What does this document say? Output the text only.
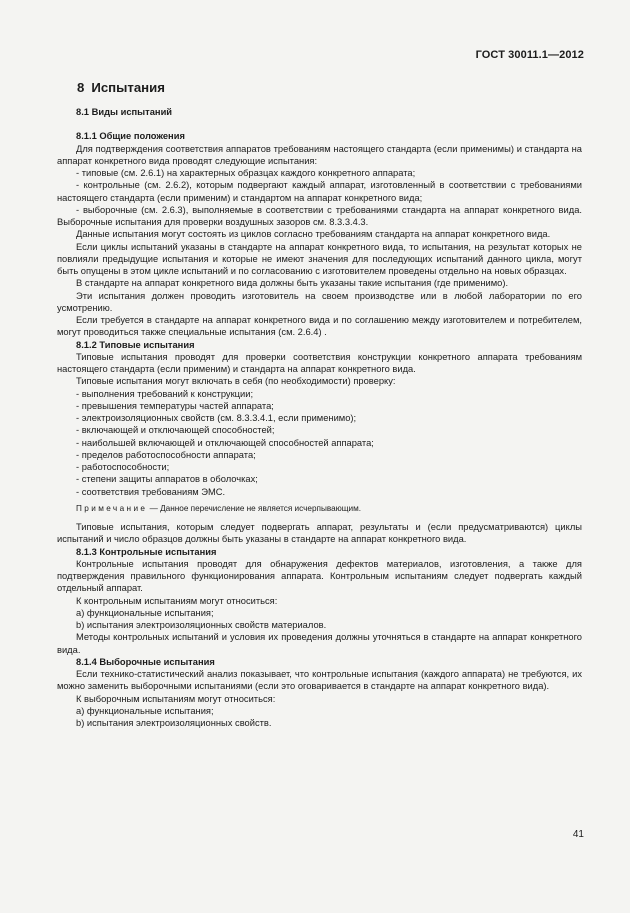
ГОСТ 30011.1—2012
8 Испытания

8.1 Виды испытаний

8.1.1 Общие положения

Для подтверждения соответствия аппаратов требованиям настоящего стандарта (если применимы) и стандарта на аппарат конкретного вида проводят следующие испытания:

- типовые (см. 2.6.1) на характерных образцах каждого конкретного аппарата;

- контрольные (см. 2.6.2), которым подвергают каждый аппарат, изготовленный в соответствии с требованиями настоящего стандарта (если применим) и стандартом на аппарат конкретного вида;

- выборочные (см. 2.6.3), выполняемые в соответствии с требованиями стандарта на аппарат конкретного вида. Выборочные испытания для проверки воздушных зазоров см. 8.3.3.4.3.

Данные испытания могут состоять из циклов согласно требованиям стандарта на аппарат конкретного вида.

Если циклы испытаний указаны в стандарте на аппарат конкретного вида, то испытания, на результат которых не повлияли предыдущие испытания и которые не имеют значения для последующих испытаний данного цикла, могут быть опущены в этом цикле испытаний и по согласованию с изготовителем проведены отдельно на новых образцах.

В стандарте на аппарат конкретного вида должны быть указаны такие испытания (где применимо).

Эти испытания должен проводить изготовитель на своем производстве или в любой лаборатории по его усмотрению.

Если требуется в стандарте на аппарат конкретного вида и по соглашению между изготовителем и потребителем, могут проводиться также специальные испытания (см. 2.6.4) .

8.1.2 Типовые испытания

Типовые испытания проводят для проверки соответствия конструкции конкретного аппарата требованиям настоящего стандарта (если применим) и стандарта на аппарат конкретного вида.

Типовые испытания могут включать в себя (по необходимости) проверку:

- выполнения требований к конструкции;

- превышения температуры частей аппарата;

- электроизоляционных свойств (см. 8.3.3.4.1, если применимо);

- включающей и отключающей способностей;

- наибольшей включающей и отключающей способностей аппарата;

- пределов работоспособности аппарата;

- работоспособности;

- степени защиты аппаратов в оболочках;

- соответствия требованиям ЭМС.

Примечание — Данное перечисление не является исчерпывающим.

Типовые испытания, которым следует подвергать аппарат, результаты и (если предусматриваются) циклы испытаний и число образцов должны быть указаны в стандарте на аппарат конкретного вида.

8.1.3 Контрольные испытания

Контрольные испытания проводят для обнаружения дефектов материалов, изготовления, а также для подтверждения правильного функционирования аппарата. Контрольным испытаниям следует подвергать каждый отдельный аппарат.

К контрольным испытаниям могут относиться:

а) функциональные испытания;

b) испытания электроизоляционных свойств материалов.

Методы контрольных испытаний и условия их проведения должны уточняться в стандарте на аппарат конкретного вида.

8.1.4 Выборочные испытания

Если технико-статистический анализ показывает, что контрольные испытания (каждого аппарата) не требуются, их можно заменить выборочными испытаниями (если это оговаривается в стандарте на аппарат конкретного вида).

К выборочным испытаниям могут относиться:

а) функциональные испытания;

b) испытания электроизоляционных свойств.

41
